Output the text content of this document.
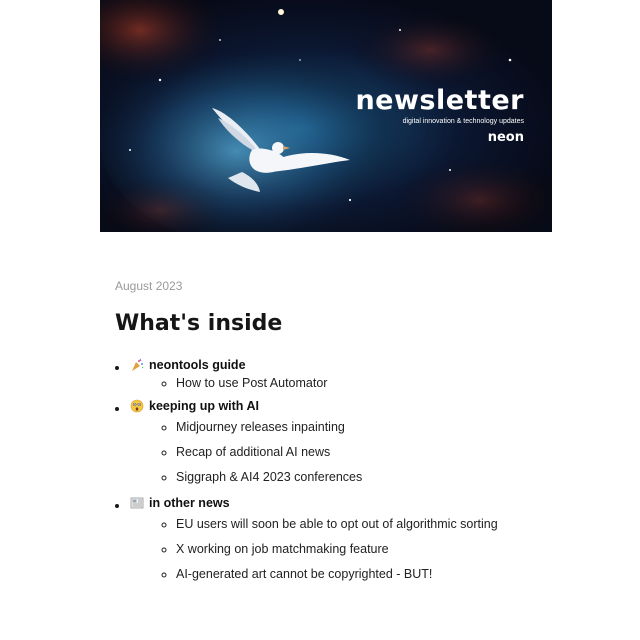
newsletter
digital innovation & technology updates
neon
August 2023
What's inside
• neontools guide
◦ How to use Post Automator
• keeping up with AI
◦ Midjourney releases inpainting
◦ Recap of additional AI news
◦ Siggraph & AI4 2023 conferences
• in other news
◦ EU users will soon be able to opt out of algorithmic sorting
◦ X working on job matchmaking feature
◦ AI-generated art cannot be copyrighted - BUT!
